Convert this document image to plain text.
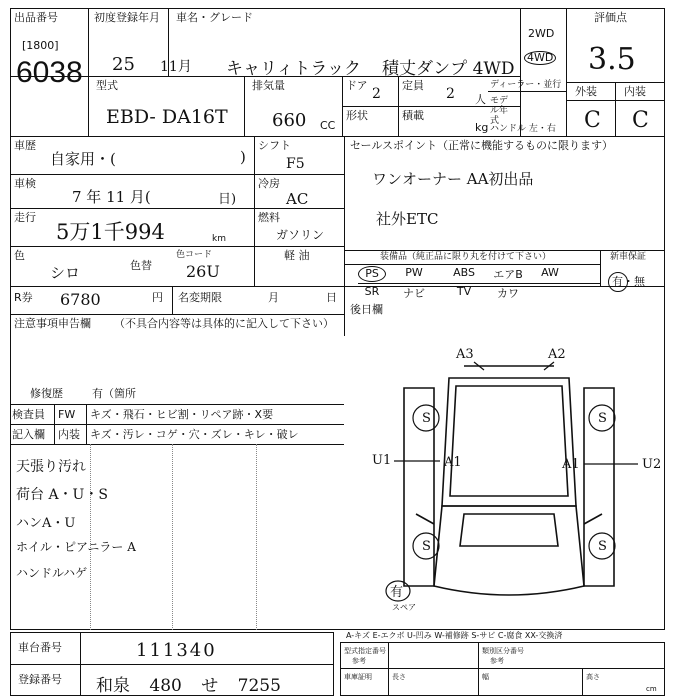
出品番号
[1800]
6038
初度登録年月
25 11月
車名・グレード
キャリィトラック 積丈ダンプ 4WD
2WD
4WD
評価点
3.5
外装 内装
C C
型式
EBD- DA16T
排気量
660 CC
ドア
2
定員
2 人
ディーラー・並行
モデル年式
形状	積載
kg ハンドル 左・右
車歴
自家用・(	)
車検
7 年 11 月(	日)
走行
5万1千994	km
色
シロ	色替
色コード
26U
シフト
F5
冷房
AC
燃料
ガソリン
軽 油
R券 6780	円 名変期限	月	日
セールスポイント（正常に機能するものに限ります）
ワンオーナー AA初出品
社外ETC
装備品（純正品に限り丸を付けて下さい）	新車保証
PS	PW	ABS	エアB	AW
SR	ナビ	TV	カワ
有・無
注意事項申告欄 （不具合内容等は具体的に記入して下さい）
修復歴	有（箇所
検査員
記入欄
FW キズ・飛石・ヒビ割・リペア跡・X要
内装 キズ・汚レ・コゲ・穴・ズレ・キレ・破レ
天張り汚れ
荷台 A・U・S
ハンA・U
ホイル・ピアニラー A
ハンドルハゲ
後日欄
A3	A2
U1	A1	A1	U2
S	S
S	S
有
スペア
A-キズ E-エクボ U-凹み W-補修跡 S-サビ C-腐食 XX-交換済
車台番号	111340
登録番号 和泉 480 せ 7255
型式指定番号
参考
類別区分番号
参考
車庫証明	長さ	幅	高さ
cm
